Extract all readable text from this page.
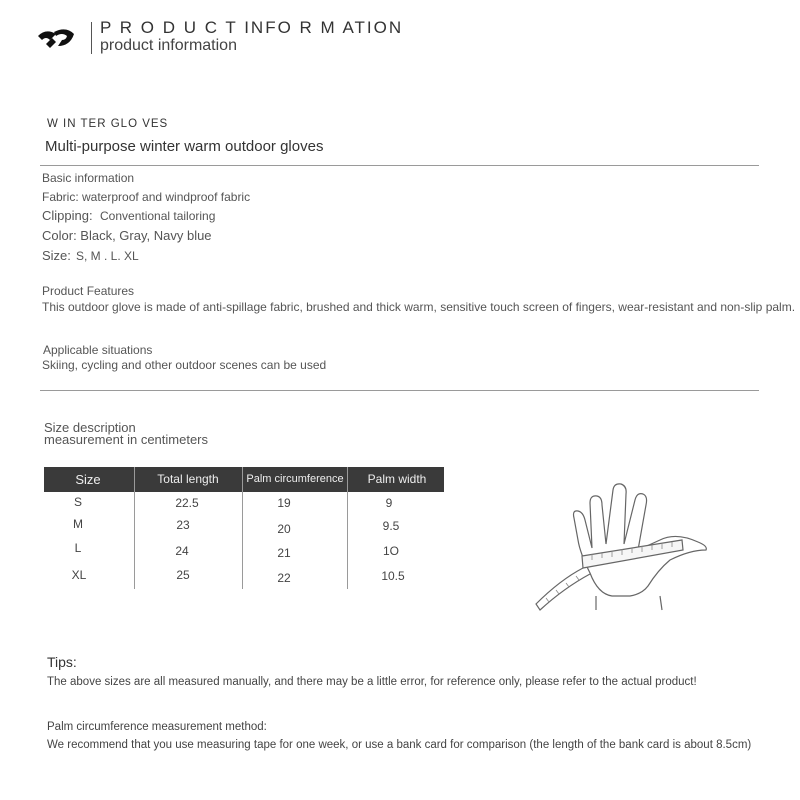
P R O D U C T INFO R M ATION
product information
W IN TER GLO VES
Multi-purpose winter warm outdoor gloves
Basic information
Fabric: waterproof and windproof fabric
Clipping: Conventional tailoring
Color: Black, Gray, Navy blue
Size: S, M . L. XL
Product Features
This outdoor glove is made of anti-spillage fabric, brushed and thick warm, sensitive touch screen of fingers, wear-resistant and non-slip palm.
Applicable situations
Skiing, cycling and other outdoor scenes can be used
Size description
measurement in centimeters
Size	Total length	Palm circumference	Palm width
S	22.5	19	9
M	23	20	9.5
L	24	21	1O
XL	25	22	10.5
Tips:
The above sizes are all measured manually, and there may be a little error, for reference only, please refer to the actual product!
Palm circumference measurement method:
We recommend that you use measuring tape for one week, or use a bank card for comparison (the length of the bank card is about 8.5cm)
